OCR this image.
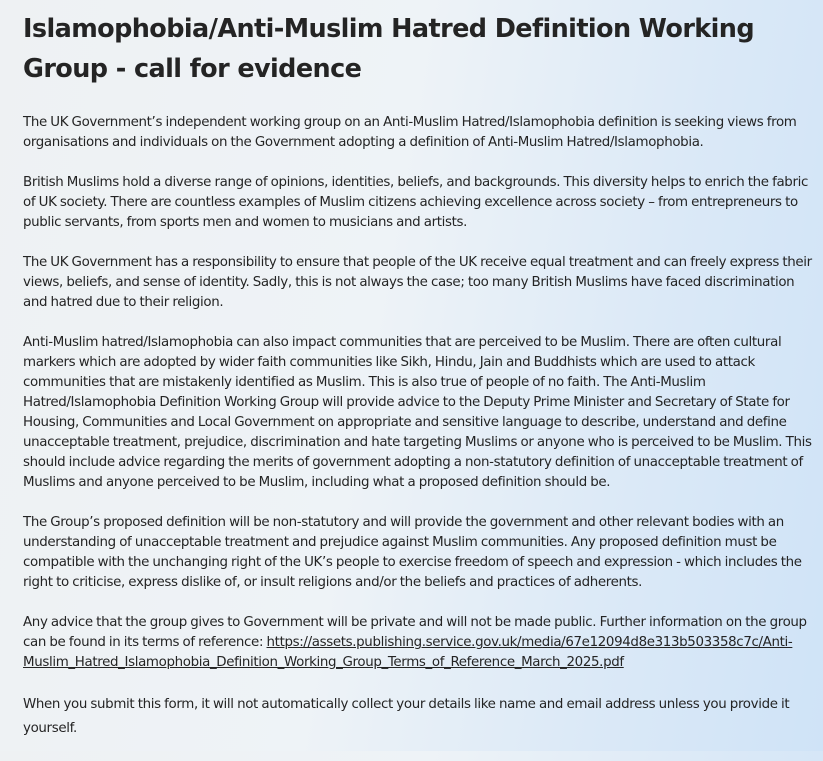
Islamophobia/Anti-Muslim Hatred Definition Working Group - call for evidence

The UK Government’s independent working group on an Anti-Muslim Hatred/Islamophobia definition is seeking views from organisations and individuals on the Government adopting a definition of Anti-Muslim Hatred/Islamophobia.

British Muslims hold a diverse range of opinions, identities, beliefs, and backgrounds. This diversity helps to enrich the fabric of UK society. There are countless examples of Muslim citizens achieving excellence across society – from entrepreneurs to public servants, from sports men and women to musicians and artists.

The UK Government has a responsibility to ensure that people of the UK receive equal treatment and can freely express their views, beliefs, and sense of identity. Sadly, this is not always the case; too many British Muslims have faced discrimination and hatred due to their religion.

Anti-Muslim hatred/Islamophobia can also impact communities that are perceived to be Muslim. There are often cultural markers which are adopted by wider faith communities like Sikh, Hindu, Jain and Buddhists which are used to attack communities that are mistakenly identified as Muslim. This is also true of people of no faith. The Anti-Muslim Hatred/Islamophobia Definition Working Group will provide advice to the Deputy Prime Minister and Secretary of State for Housing, Communities and Local Government on appropriate and sensitive language to describe, understand and define unacceptable treatment, prejudice, discrimination and hate targeting Muslims or anyone who is perceived to be Muslim. This should include advice regarding the merits of government adopting a non-statutory definition of unacceptable treatment of Muslims and anyone perceived to be Muslim, including what a proposed definition should be.

The Group’s proposed definition will be non-statutory and will provide the government and other relevant bodies with an understanding of unacceptable treatment and prejudice against Muslim communities. Any proposed definition must be compatible with the unchanging right of the UK’s people to exercise freedom of speech and expression - which includes the right to criticise, express dislike of, or insult religions and/or the beliefs and practices of adherents.

Any advice that the group gives to Government will be private and will not be made public. Further information on the group can be found in its terms of reference: https://assets.publishing.service.gov.uk/media/67e12094d8e313b503358c7c/Anti-Muslim_Hatred_Islamophobia_Definition_Working_Group_Terms_of_Reference_March_2025.pdf

When you submit this form, it will not automatically collect your details like name and email address unless you provide it yourself.
